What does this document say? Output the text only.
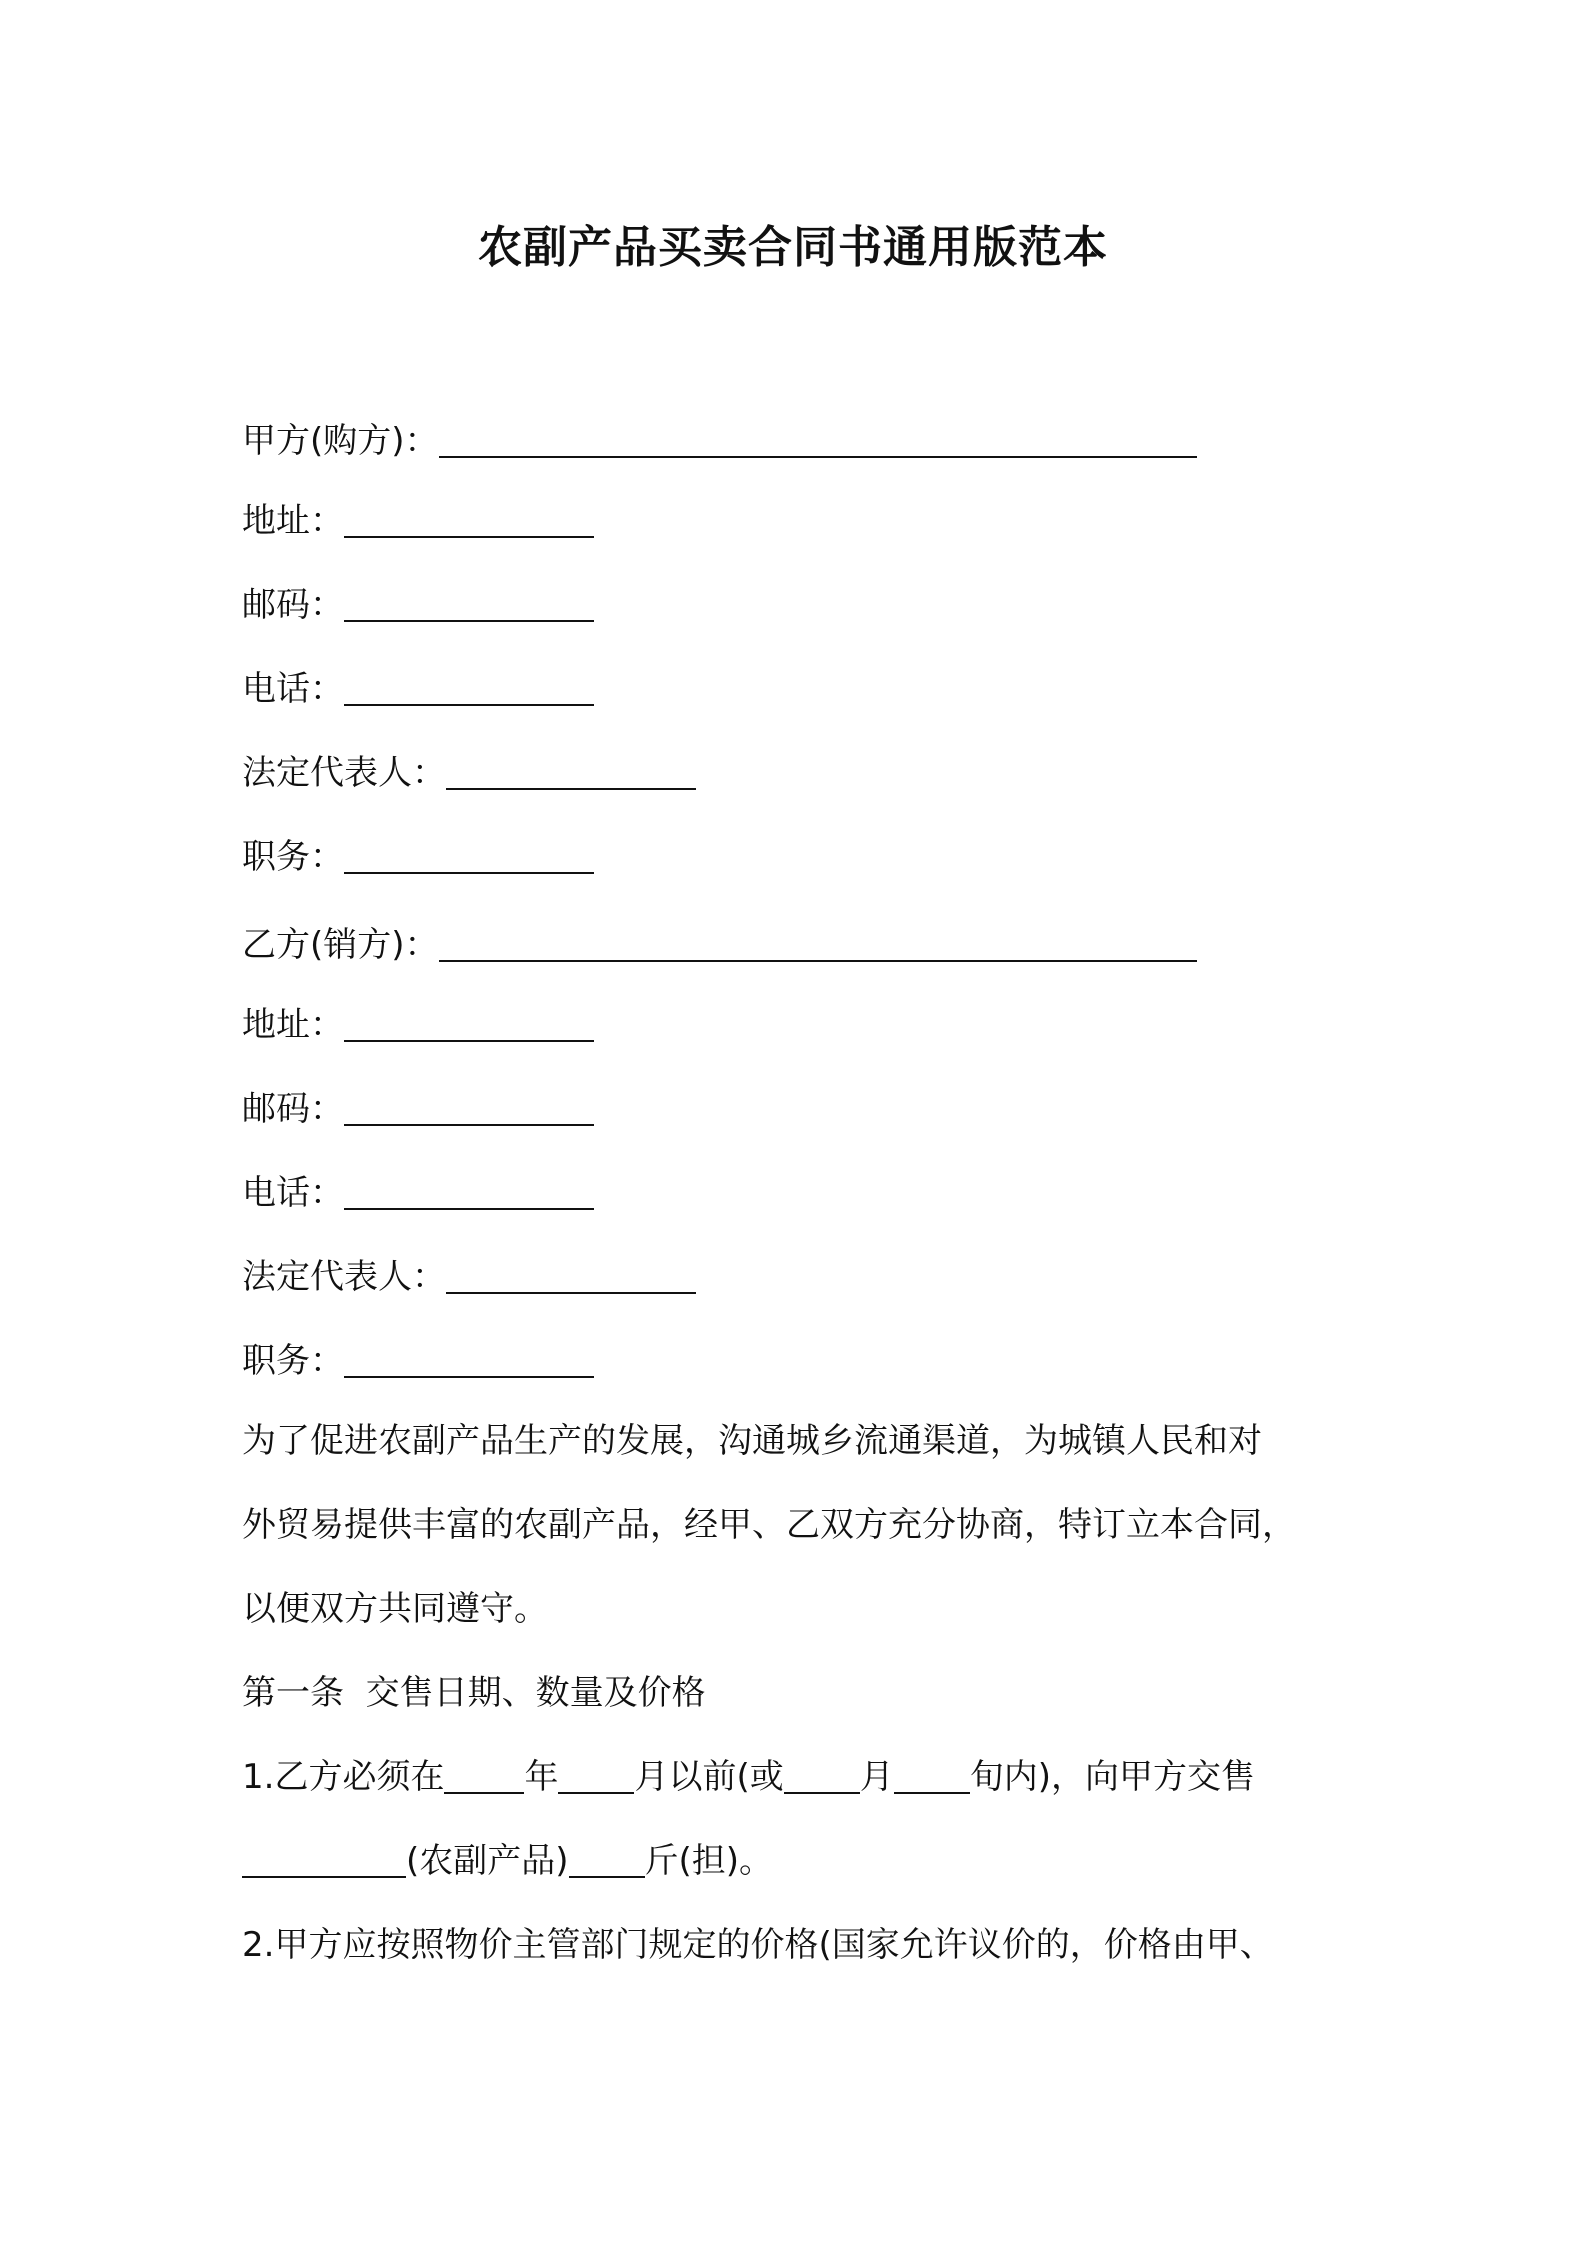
农副产品买卖合同书通用版范本
甲方(购方)：
地址：
邮码：
电话：
法定代表人：
职务：
乙方(销方)：
地址：
邮码：
电话：
法定代表人：
职务：
为了促进农副产品生产的发展，沟通城乡流通渠道，为城镇人民和对
外贸易提供丰富的农副产品，经甲、乙双方充分协商，特订立本合同，
以便双方共同遵守。
第一条  交售日期、数量及价格
1.乙方必须在 年 月以前(或 月 旬内)，向甲方交售
(农副产品) 斤(担)。
2.甲方应按照物价主管部门规定的价格(国家允许议价的，价格由甲、
